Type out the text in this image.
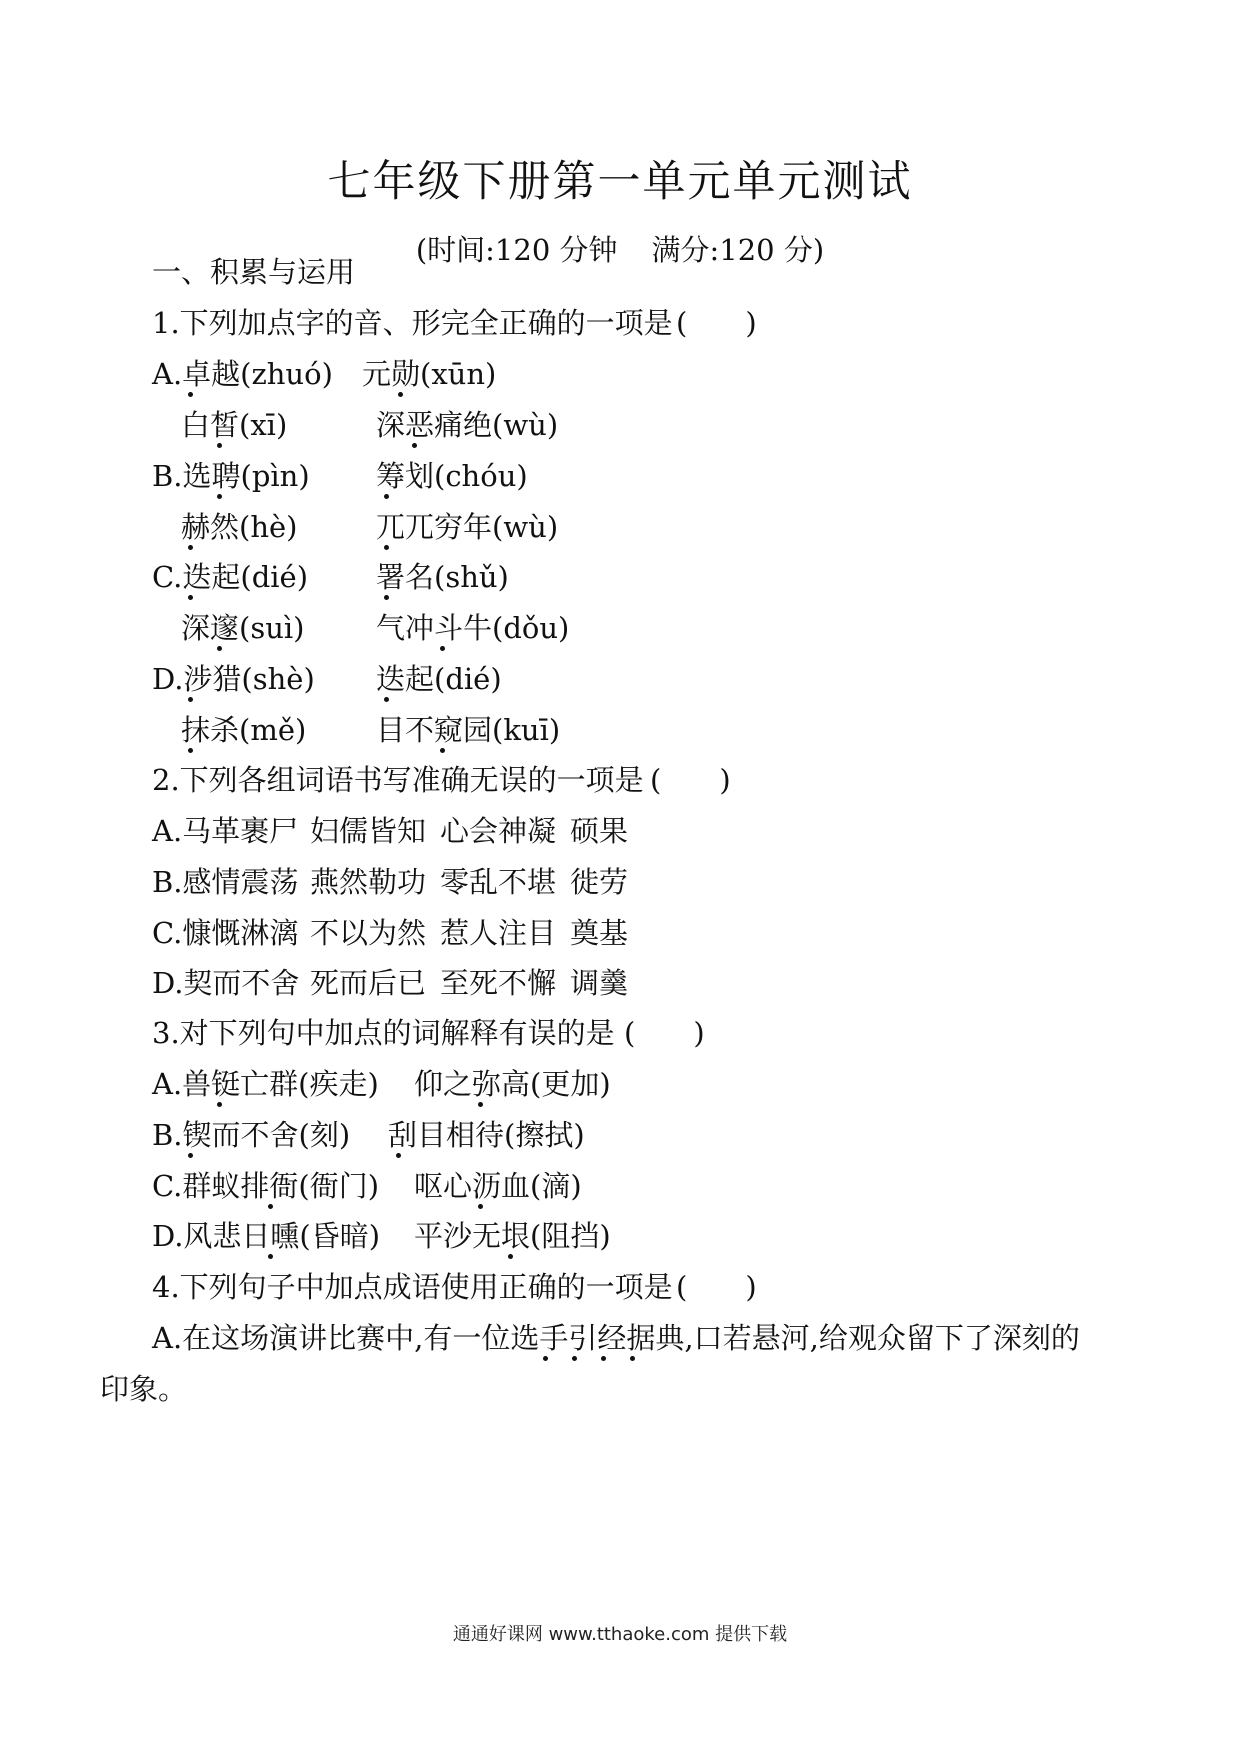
七年级下册第一单元单元测试
(时间:120 分钟 满分:120 分)
一、积累与运用
1.下列加点字的音、形完全正确的一项是 (　　)
A.卓越(zhuó) 元勋(xūn)
白皙(xī)	深恶痛绝(wù)
B.选聘(pìn) 筹划(chóu)
赫然(hè)	兀兀穷年(wù)
C.迭起(dié) 署名(shǔ)
深邃(suì) 气冲斗牛(dǒu)
D.涉猎(shè) 迭起(dié)
抹杀(mě) 目不窥园(kuī)
2.下列各组词语书写准确无误的一项是 (　　)
A.马革裹尸 妇儒皆知 心会神凝 硕果
B.感情震荡 燕然勒功 零乱不堪 徙劳
C.慷慨淋漓 不以为然 惹人注目 奠基
D.契而不舍 死而后已 至死不懈 调羹
3.对下列句中加点的词解释有误的是 (　　)
A.兽铤亡群(疾走) 仰之弥高(更加)
B.锲而不舍(刻) 刮目相待(擦拭)
C.群蚁排衙(衙门) 呕心沥血(滴)
D.风悲日曛(昏暗) 平沙无垠(阻挡)
4.下列句子中加点成语使用正确的一项是 (　　)
A.在这场演讲比赛中,有一位选手引经据典,口若悬河,给观众留下了深刻的
印象。
通通好课网 www.tthaoke.com 提供下载
